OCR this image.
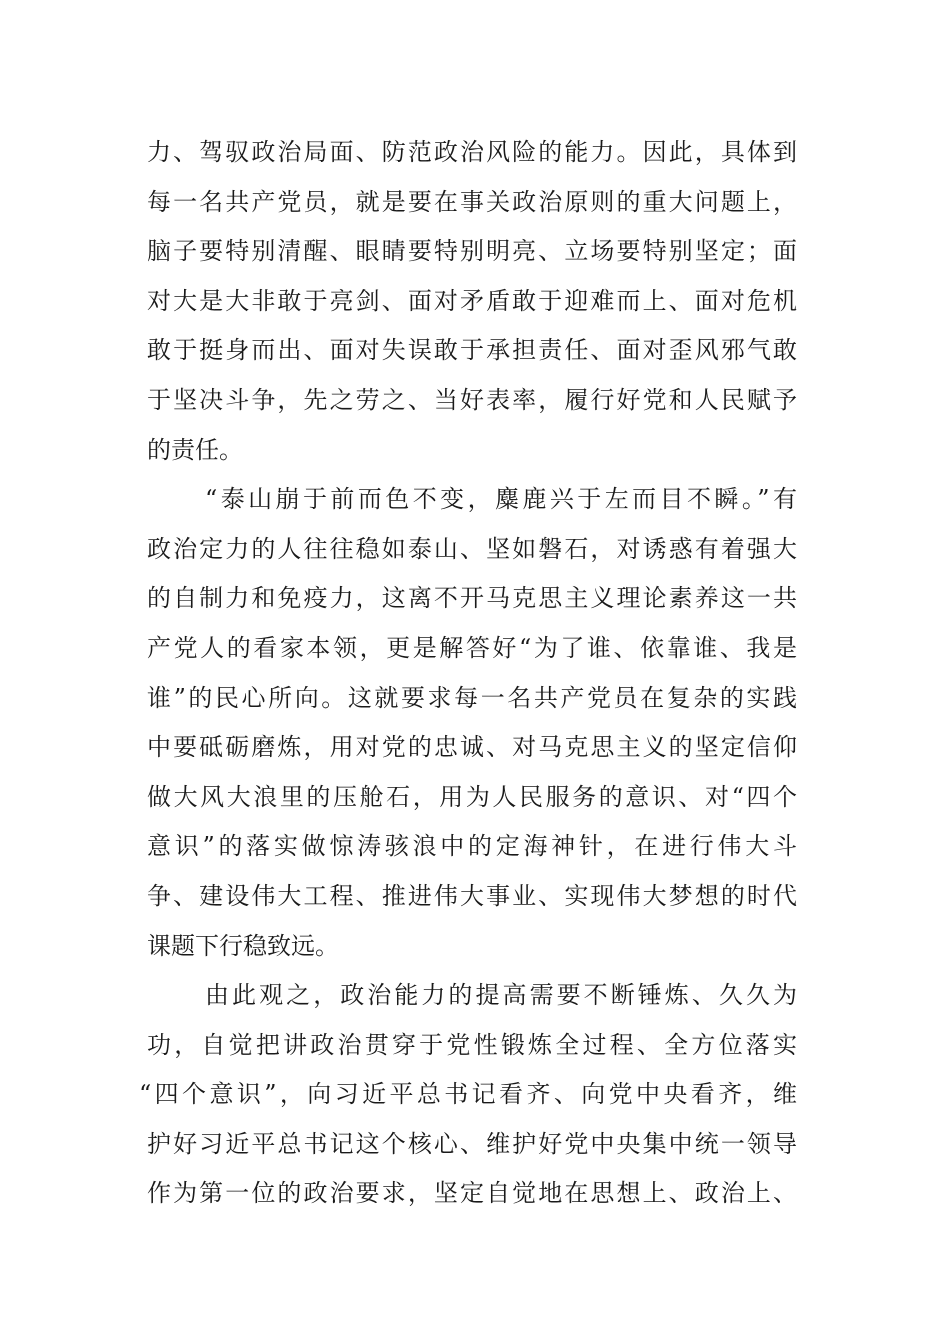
力、驾驭政治局面、防范政治风险的能力。因此，具体到
每一名共产党员，就是要在事关政治原则的重大问题上，
脑子要特别清醒、眼睛要特别明亮、立场要特别坚定；面
对大是大非敢于亮剑、面对矛盾敢于迎难而上、面对危机
敢于挺身而出、面对失误敢于承担责任、面对歪风邪气敢
于坚决斗争，先之劳之、当好表率，履行好党和人民赋予
的责任。
“泰山崩于前而色不变，麋鹿兴于左而目不瞬。”有
政治定力的人往往稳如泰山、坚如磐石，对诱惑有着强大
的自制力和免疫力，这离不开马克思主义理论素养这一共
产党人的看家本领，更是解答好“为了谁、依靠谁、我是
谁”的民心所向。这就要求每一名共产党员在复杂的实践
中要砥砺磨炼，用对党的忠诚、对马克思主义的坚定信仰
做大风大浪里的压舱石，用为人民服务的意识、对“四个
意识”的落实做惊涛骇浪中的定海神针，在进行伟大斗
争、建设伟大工程、推进伟大事业、实现伟大梦想的时代
课题下行稳致远。
由此观之，政治能力的提高需要不断锤炼、久久为
功，自觉把讲政治贯穿于党性锻炼全过程、全方位落实
“四个意识”，向习近平总书记看齐、向党中央看齐，维
护好习近平总书记这个核心、维护好党中央集中统一领导
作为第一位的政治要求，坚定自觉地在思想上、政治上、
